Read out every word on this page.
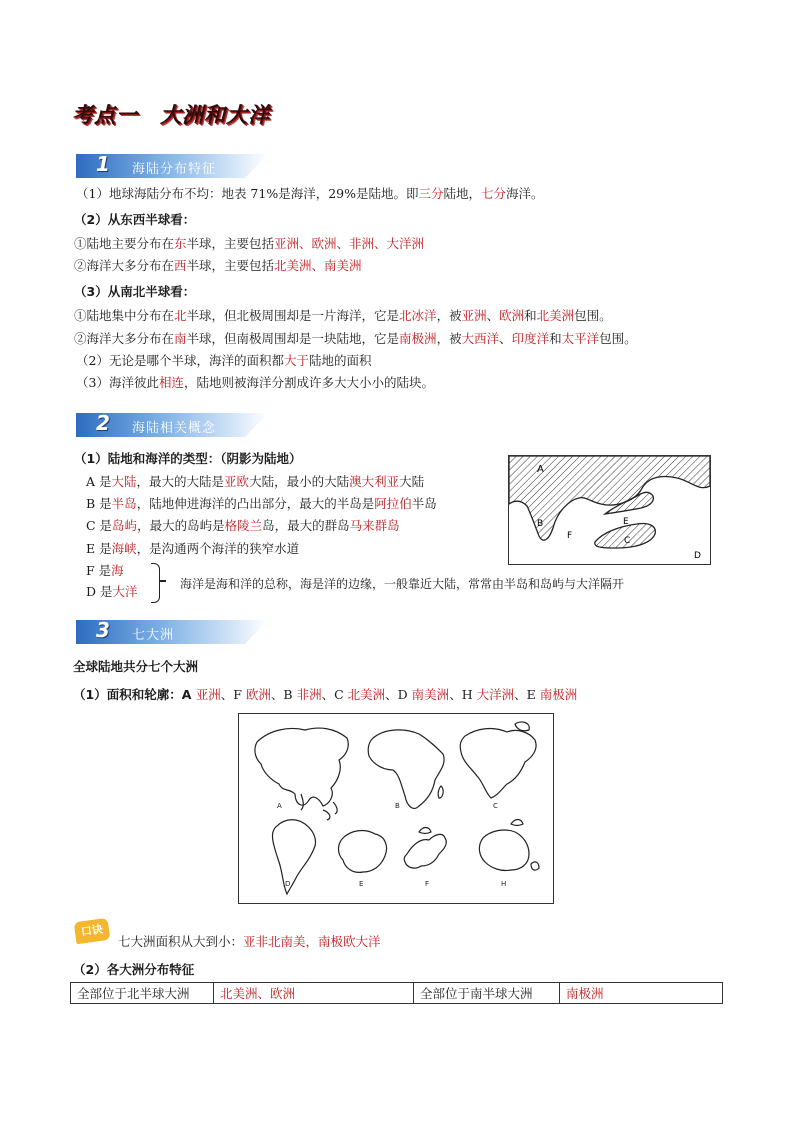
考点一　大洲和大洋
1	海陆分布特征
（1）地球海陆分布不均：地表 71%是海洋，29%是陆地。即三分陆地，七分海洋。
（2）从东西半球看：
①陆地主要分布在东半球，主要包括亚洲、欧洲、非洲、大洋洲
②海洋大多分布在西半球，主要包括北美洲、南美洲
（3）从南北半球看：
①陆地集中分布在北半球，但北极周围却是一片海洋，它是北冰洋，被亚洲、欧洲和北美洲包围。
②海洋大多分布在南半球，但南极周围却是一块陆地，它是南极洲，被大西洋、印度洋和太平洋包围。
（2）无论是哪个半球，海洋的面积都大于陆地的面积
（3）海洋彼此相连，陆地则被海洋分割成许多大大小小的陆块。
2	海陆相关概念
（1）陆地和海洋的类型：（阴影为陆地）
A 是大陆，最大的大陆是亚欧大陆，最小的大陆澳大利亚大陆
B 是半岛，陆地伸进海洋的凸出部分，最大的半岛是阿拉伯半岛
C 是岛屿，最大的岛屿是格陵兰岛，最大的群岛马来群岛
E 是海峡，是沟通两个海洋的狭窄水道
F 是海
D 是大洋	海洋是海和洋的总称，海是洋的边缘，一般靠近大陆，常常由半岛和岛屿与大洋隔开
A
B
F
E
C
D
3	七大洲
全球陆地共分七个大洲
（1）面积和轮廓：A 亚洲、F 欧洲、B 非洲、C 北美洲、D 南美洲、H 大洋洲、E 南极洲
A	B	C
D	E	F	H
口诀
七大洲面积从大到小：亚非北南美，南极欧大洋
（2）各大洲分布特征
全部位于北半球大洲	北美洲、欧洲	全部位于南半球大洲	南极洲
